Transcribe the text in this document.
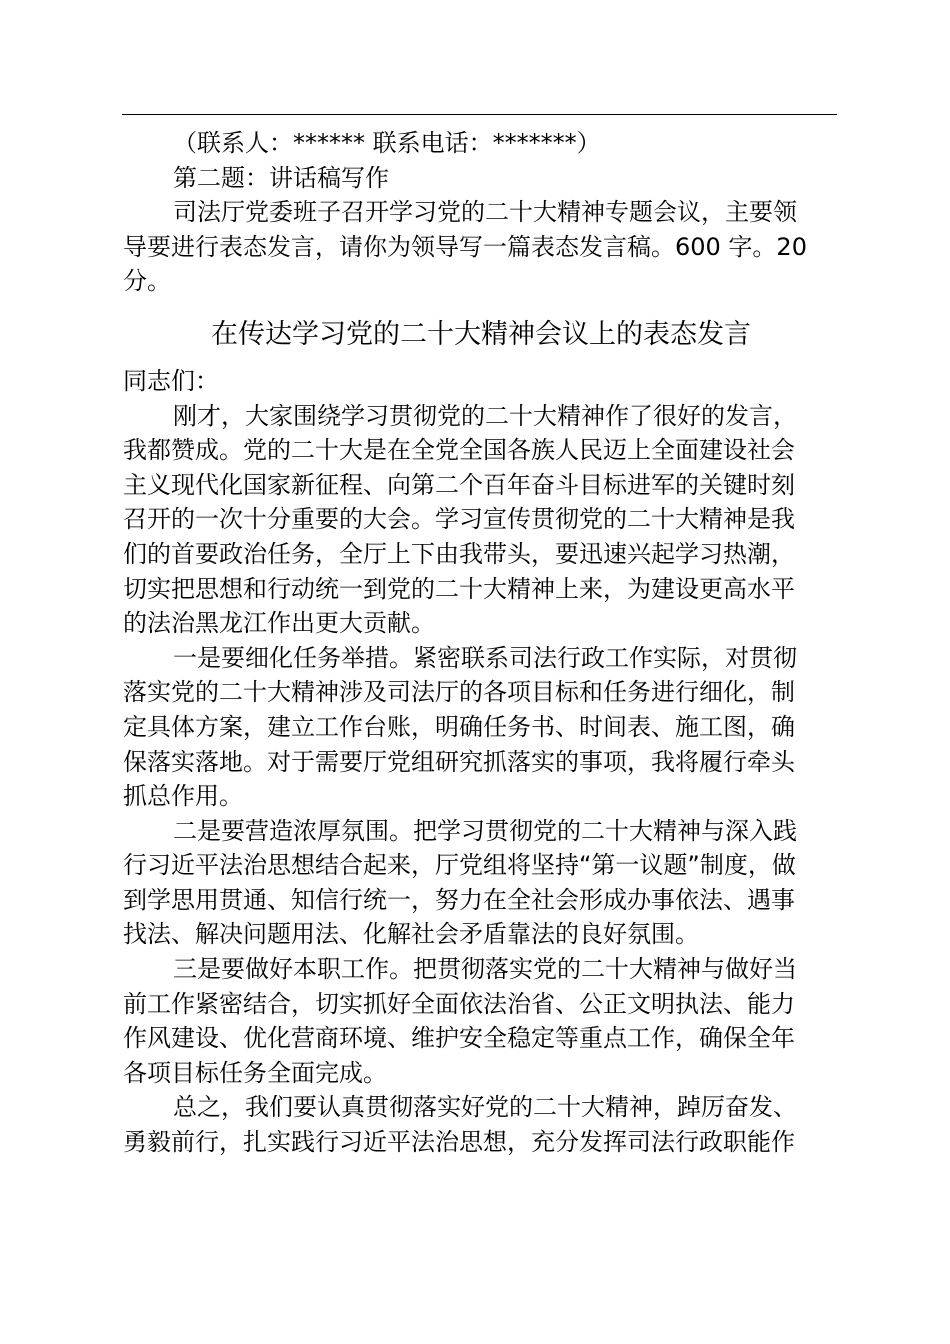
（联系人：****** 联系电话：*******）
第二题：讲话稿写作
司法厅党委班子召开学习党的二十大精神专题会议，主要领
导要进行表态发言，请你为领导写一篇表态发言稿。600 字。20
分。
在传达学习党的二十大精神会议上的表态发言
同志们：
刚才，大家围绕学习贯彻党的二十大精神作了很好的发言，
我都赞成。党的二十大是在全党全国各族人民迈上全面建设社会
主义现代化国家新征程、向第二个百年奋斗目标进军的关键时刻
召开的一次十分重要的大会。学习宣传贯彻党的二十大精神是我
们的首要政治任务，全厅上下由我带头，要迅速兴起学习热潮，
切实把思想和行动统一到党的二十大精神上来，为建设更高水平
的法治黑龙江作出更大贡献。
一是要细化任务举措。紧密联系司法行政工作实际，对贯彻
落实党的二十大精神涉及司法厅的各项目标和任务进行细化，制
定具体方案，建立工作台账，明确任务书、时间表、施工图，确
保落实落地。对于需要厅党组研究抓落实的事项，我将履行牵头
抓总作用。
二是要营造浓厚氛围。把学习贯彻党的二十大精神与深入践
行习近平法治思想结合起来，厅党组将坚持“第一议题”制度，做
到学思用贯通、知信行统一，努力在全社会形成办事依法、遇事
找法、解决问题用法、化解社会矛盾靠法的良好氛围。
三是要做好本职工作。把贯彻落实党的二十大精神与做好当
前工作紧密结合，切实抓好全面依法治省、公正文明执法、能力
作风建设、优化营商环境、维护安全稳定等重点工作，确保全年
各项目标任务全面完成。
总之，我们要认真贯彻落实好党的二十大精神，踔厉奋发、
勇毅前行，扎实践行习近平法治思想，充分发挥司法行政职能作
